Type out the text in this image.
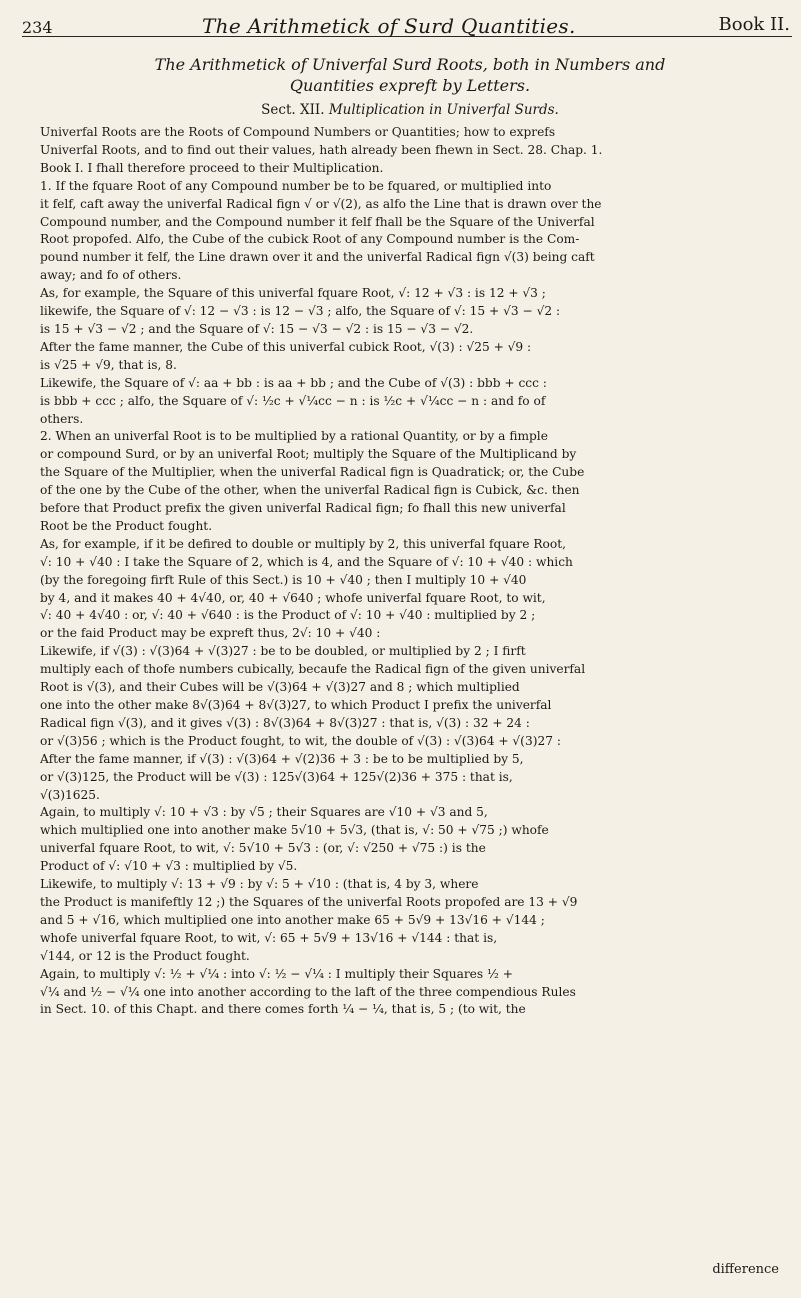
234	The Arithmetick of Surd Quantities.	Book II.
The Arithmetick of Univerfal Surd Roots, both in Numbers and
Quantities expreft by Letters.
Sect. XII. Multiplication in Univerfal Surds.
Univerfal Roots are the Roots of Compound Numbers or Quantities; how to exprefs
Univerfal Roots, and to find out their values, hath already been fhewn in Sect. 28. Chap. 1.
Book I. I fhall therefore proceed to their Multiplication.
1. If the fquare Root of any Compound number be to be fquared, or multiplied into
it felf, caft away the univerfal Radical fign √ or √(2), as alfo the Line that is drawn over the
Compound number, and the Compound number it felf fhall be the Square of the Univerfal
Root propofed. Alfo, the Cube of the cubick Root of any Compound number is the Com-
pound number it felf, the Line drawn over it and the univerfal Radical fign √(3) being caft
away; and fo of others.
As, for example, the Square of this univerfal fquare Root, √: 12 + √3 : is 12 + √3 ;
likewife, the Square of √: 12 − √3 : is 12 − √3 ; alfo, the Square of √: 15 + √3 − √2 :
is 15 + √3 − √2 ; and the Square of √: 15 − √3 − √2 : is 15 − √3 − √2.
After the fame manner, the Cube of this univerfal cubick Root, √(3) : √25 + √9 :
is √25 + √9, that is, 8.
Likewife, the Square of √: aa + bb : is aa + bb ; and the Cube of √(3) : bbb + ccc :
is bbb + ccc ; alfo, the Square of √: ½c + √¼cc − n : is ½c + √¼cc − n : and fo of
others.
2. When an univerfal Root is to be multiplied by a rational Quantity, or by a fimple
or compound Surd, or by an univerfal Root; multiply the Square of the Multiplicand by
the Square of the Multiplier, when the univerfal Radical fign is Quadratick; or, the Cube
of the one by the Cube of the other, when the univerfal Radical fign is Cubick, &c. then
before that Product prefix the given univerfal Radical fign; fo fhall this new univerfal
Root be the Product fought.
As, for example, if it be defired to double or multiply by 2, this univerfal fquare Root,
√: 10 + √40 : I take the Square of 2, which is 4, and the Square of √: 10 + √40 : which
(by the foregoing firft Rule of this Sect.) is 10 + √40 ; then I multiply 10 + √40
by 4, and it makes 40 + 4√40, or, 40 + √640 ; whofe univerfal fquare Root, to wit,
√: 40 + 4√40 : or, √: 40 + √640 : is the Product of √: 10 + √40 : multiplied by 2 ;
or the faid Product may be expreft thus, 2√: 10 + √40 :
Likewife, if √(3) : √(3)64 + √(3)27 : be to be doubled, or multiplied by 2 ; I firft
multiply each of thofe numbers cubically, becaufe the Radical fign of the given univerfal
Root is √(3), and their Cubes will be √(3)64 + √(3)27 and 8 ; which multiplied
one into the other make 8√(3)64 + 8√(3)27, to which Product I prefix the univerfal
Radical fign √(3), and it gives √(3) : 8√(3)64 + 8√(3)27 : that is, √(3) : 32 + 24 :
or √(3)56 ; which is the Product fought, to wit, the double of √(3) : √(3)64 + √(3)27 :
After the fame manner, if √(3) : √(3)64 + √(2)36 + 3 : be to be multiplied by 5,
or √(3)125, the Product will be √(3) : 125√(3)64 + 125√(2)36 + 375 : that is,
√(3)1625.
Again, to multiply √: 10 + √3 : by √5 ; their Squares are √10 + √3 and 5,
which multiplied one into another make 5√10 + 5√3, (that is, √: 50 + √75 ;) whofe
univerfal fquare Root, to wit, √: 5√10 + 5√3 : (or, √: √250 + √75 :) is the
Product of √: √10 + √3 : multiplied by √5.
Likewife, to multiply √: 13 + √9 : by √: 5 + √10 : (that is, 4 by 3, where
the Product is manifeftly 12 ;) the Squares of the univerfal Roots propofed are 13 + √9
and 5 + √16, which multiplied one into another make 65 + 5√9 + 13√16 + √144 ;
whofe univerfal fquare Root, to wit, √: 65 + 5√9 + 13√16 + √144 : that is,
√144, or 12 is the Product fought.
Again, to multiply √: ½ + √¼ : into √: ½ − √¼ : I multiply their Squares ½ +
√¼ and ½ − √¼ one into another according to the laft of the three compendious Rules
in Sect. 10. of this Chapt. and there comes forth ¼ − ¼, that is, 5 ; (to wit, the
difference
